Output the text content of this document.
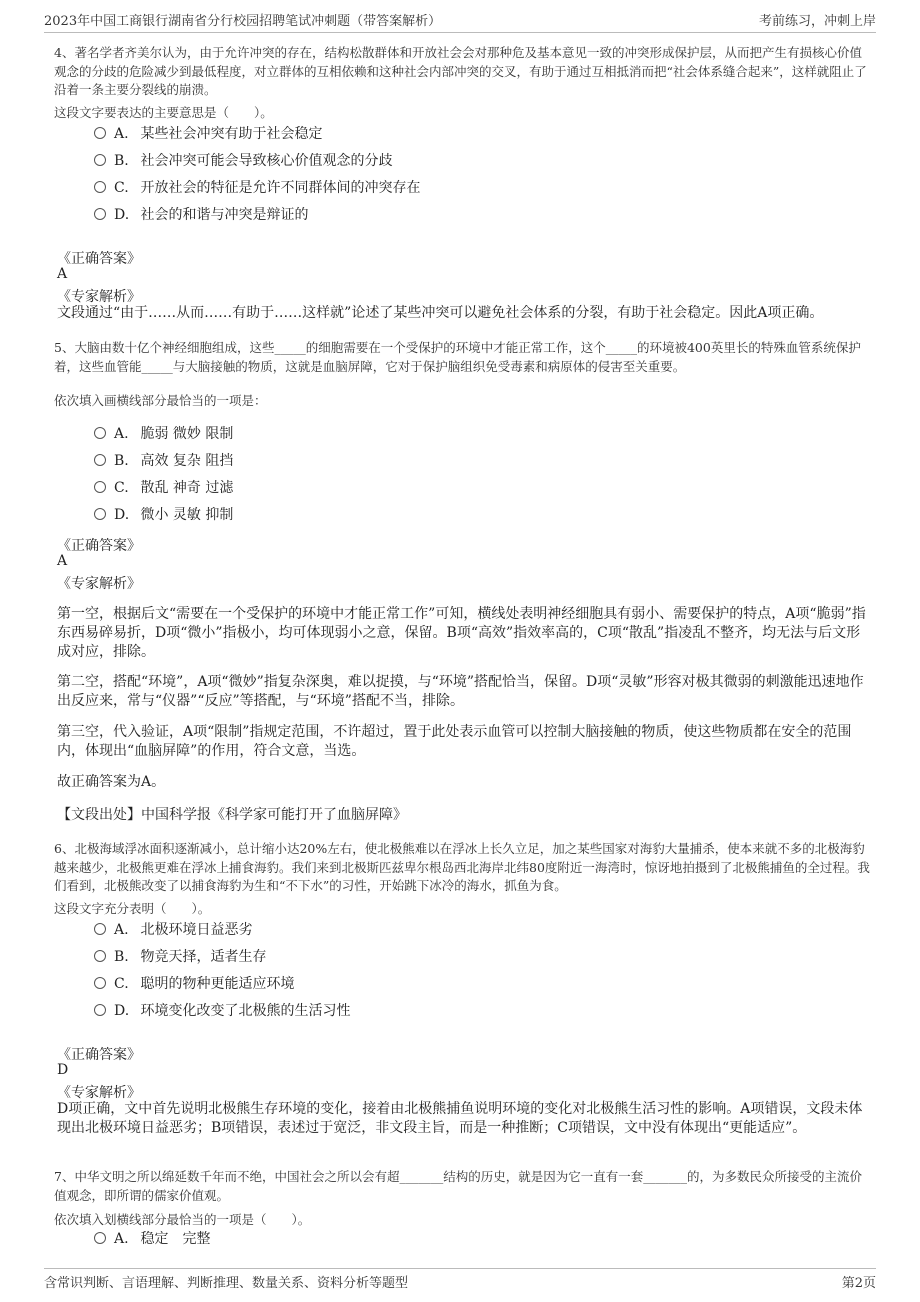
2023年中国工商银行湖南省分行校园招聘笔试冲刺题（带答案解析）	考前练习，冲刺上岸
4、著名学者齐美尔认为，由于允许冲突的存在，结构松散群体和开放社会会对那种危及基本意见一致的冲突形成保护层，从而把产生有损核心价值观念的分歧的危险减少到最低程度，对立群体的互相依赖和这种社会内部冲突的交叉，有助于通过互相抵消而把“社会体系缝合起来”，这样就阻止了沿着一条主要分裂线的崩溃。
这段文字要表达的主要意思是（　　）。
A. 某些社会冲突有助于社会稳定
B. 社会冲突可能会导致核心价值观念的分歧
C. 开放社会的特征是允许不同群体间的冲突存在
D. 社会的和谐与冲突是辩证的
《正确答案》
A
《专家解析》
文段通过“由于……从而……有助于……这样就”论述了某些冲突可以避免社会体系的分裂，有助于社会稳定。因此A项正确。
5、大脑由数十亿个神经细胞组成，这些_____的细胞需要在一个受保护的环境中才能正常工作，这个_____的环境被400英里长的特殊血管系统保护着，这些血管能_____与大脑接触的物质，这就是血脑屏障，它对于保护脑组织免受毒素和病原体的侵害至关重要。
依次填入画横线部分最恰当的一项是：
A. 脆弱 微妙 限制
B. 高效 复杂 阻挡
C. 散乱 神奇 过滤
D. 微小 灵敏 抑制
《正确答案》
A
《专家解析》
第一空，根据后文“需要在一个受保护的环境中才能正常工作”可知，横线处表明神经细胞具有弱小、需要保护的特点，A项“脆弱”指东西易碎易折，D项“微小”指极小，均可体现弱小之意，保留。B项“高效”指效率高的，C项“散乱”指凌乱不整齐，均无法与后文形成对应，排除。
第二空，搭配“环境”，A项“微妙”指复杂深奥，难以捉摸，与“环境”搭配恰当，保留。D项“灵敏”形容对极其微弱的刺激能迅速地作出反应来，常与“仪器”“反应”等搭配，与“环境”搭配不当，排除。
第三空，代入验证，A项“限制”指规定范围，不许超过，置于此处表示血管可以控制大脑接触的物质，使这些物质都在安全的范围内，体现出“血脑屏障”的作用，符合文意，当选。
故正确答案为A。
【文段出处】中国科学报《科学家可能打开了血脑屏障》
6、北极海域浮冰面积逐渐减小，总计缩小达20%左右，使北极熊难以在浮冰上长久立足，加之某些国家对海豹大量捕杀，使本来就不多的北极海豹越来越少，北极熊更难在浮冰上捕食海豹。我们来到北极斯匹兹卑尔根岛西北海岸北纬80度附近一海湾时，惊讶地拍摄到了北极熊捕鱼的全过程。我们看到，北极熊改变了以捕食海豹为生和“不下水”的习性，开始跳下冰冷的海水，抓鱼为食。
这段文字充分表明（　　）。
A. 北极环境日益恶劣
B. 物竞天择，适者生存
C. 聪明的物种更能适应环境
D. 环境变化改变了北极熊的生活习性
《正确答案》
D
《专家解析》
D项正确，文中首先说明北极熊生存环境的变化，接着由北极熊捕鱼说明环境的变化对北极熊生活习性的影响。A项错误，文段未体现出北极环境日益恶劣；B项错误，表述过于宽泛，非文段主旨，而是一种推断；C项错误，文中没有体现出“更能适应”。
7、中华文明之所以绵延数千年而不绝，中国社会之所以会有超_______结构的历史，就是因为它一直有一套_______的，为多数民众所接受的主流价值观念，即所谓的儒家价值观。
依次填入划横线部分最恰当的一项是（　　）。
A. 稳定　完整
含常识判断、言语理解、判断推理、数量关系、资料分析等题型	第2页
